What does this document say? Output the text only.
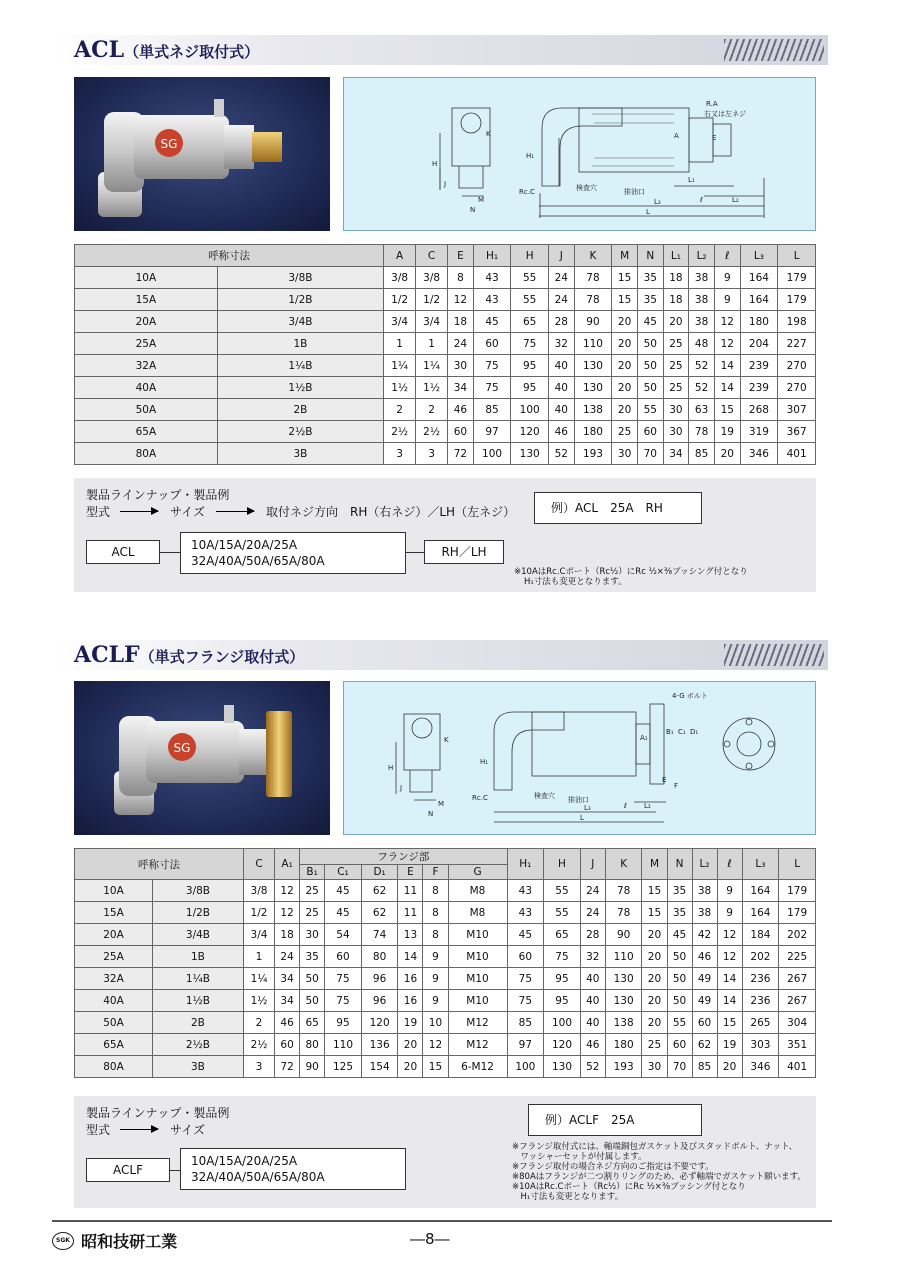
ACL（単式ネジ取付式）
SG
R.A
右又は左ネジ
K
H
H₁
J
M
N
Rc.C	検査穴	排油口
E
A
L₁
ℓ	L₂
L₃
L
呼称寸法		A	C	E	H₁	H	J	K	M	N	L₁	L₂	ℓ	L₃	L
10A	3/8B	3/8	3/8	8	43	55	24	78	15	35	18	38	9	164	179
15A	1/2B	1/2	1/2	12	43	55	24	78	15	35	18	38	9	164	179
20A	3/4B	3/4	3/4	18	45	65	28	90	20	45	20	38	12	180	198
25A	1B	1	1	24	60	75	32	110	20	50	25	48	12	204	227
32A	1¼B	1¼	1¼	30	75	95	40	130	20	50	25	52	14	239	270
40A	1½B	1½	1½	34	75	95	40	130	20	50	25	52	14	239	270
50A	2B	2	2	46	85	100	40	138	20	55	30	63	15	268	307
65A	2½B	2½	2½	60	97	120	46	180	25	60	30	78	19	319	367
80A	3B	3	3	72	100	130	52	193	30	70	34	85	20	346	401
製品ラインナップ・製品例
型式	サイズ	取付ネジ方向　RH（右ネジ）／LH（左ネジ）	例）ACL　25A　RH
ACL	10A/15A/20A/25A
32A/40A/50A/65A/80A
RH／LH
※10AはRc.Cポート（Rc½）にRc ½×⅜ブッシング付となり
H₁寸法も変更となります。
ACLF（単式フランジ取付式）
SG
4-G ボルト
K
H
H₁
J
M
N
Rc.C	検査穴 排油口
A₁
B₁ C₁ D₁
E
F
ℓ L₂
L₃
L
呼称寸法		C	A₁	フランジ部						H₁	H	J	K	M	N	L₂	ℓ	L₃	L
				B₁	C₁	D₁	E	F	G										
10A	3/8B	3/8	12	25	45	62	11	8	M8	43	55	24	78	15	35	38	9	164	179
15A	1/2B	1/2	12	25	45	62	11	8	M8	43	55	24	78	15	35	38	9	164	179
20A	3/4B	3/4	18	30	54	74	13	8	M10	45	65	28	90	20	45	42	12	184	202
25A	1B	1	24	35	60	80	14	9	M10	60	75	32	110	20	50	46	12	202	225
32A	1¼B	1¼	34	50	75	96	16	9	M10	75	95	40	130	20	50	49	14	236	267
40A	1½B	1½	34	50	75	96	16	9	M10	75	95	40	130	20	50	49	14	236	267
50A	2B	2	46	65	95	120	19	10	M12	85	100	40	138	20	55	60	15	265	304
65A	2½B	2½	60	80	110	136	20	12	M12	97	120	46	180	25	60	62	19	303	351
80A	3B	3	72	90	125	154	20	15	6-M12	100	130	52	193	30	70	85	20	346	401
製品ラインナップ・製品例
型式	サイズ
例）ACLF　25A
ACLF
10A/15A/20A/25A
32A/40A/50A/65A/80A
※フランジ取付式には、軸端銅包ガスケット及びスタッドボルト、ナット、
　ワッシャーセットが付属します。
※フランジ取付の場合ネジ方向のご指定は不要です。
※80Aはフランジが二つ割りリングのため、必ず軸端でガスケット願います。
※10AはRc.Cポート（Rc½）にRc ½×⅜ブッシング付となり
　H₁寸法も変更となります。
SGK 昭和技研工業	―8―
